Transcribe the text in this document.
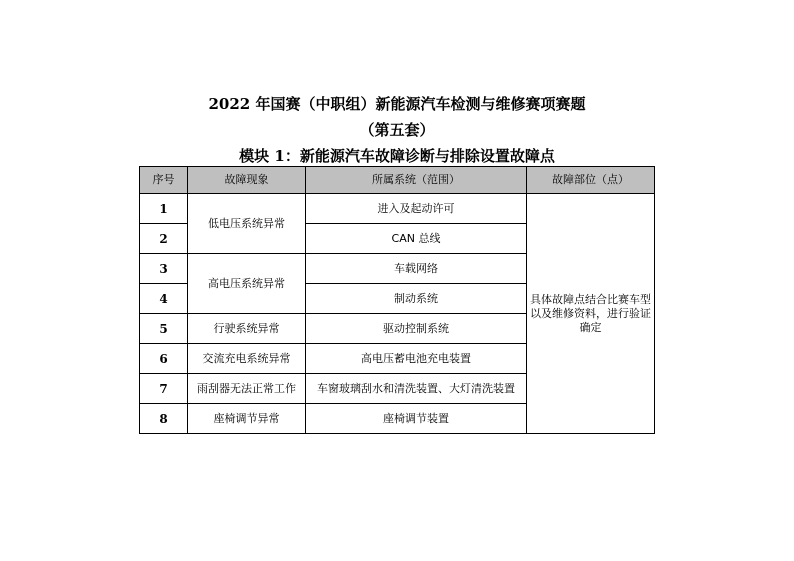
2022 年国赛（中职组）新能源汽车检测与维修赛项赛题
（第五套）
模块 1：新能源汽车故障诊断与排除设置故障点
序号	故障现象	所属系统（范围）	故障部位（点）
1	低电压系统异常	进入及起动许可	具体故障点结合比赛车型以及维修资料，进行验证确定
2		CAN 总线	
3	高电压系统异常	车载网络	
4		制动系统	
5	行驶系统异常	驱动控制系统	
6	交流充电系统异常	高电压蓄电池充电装置	
7	雨刮器无法正常工作	车窗玻璃刮水和清洗装置、大灯清洗装置	
8	座椅调节异常	座椅调节装置	
